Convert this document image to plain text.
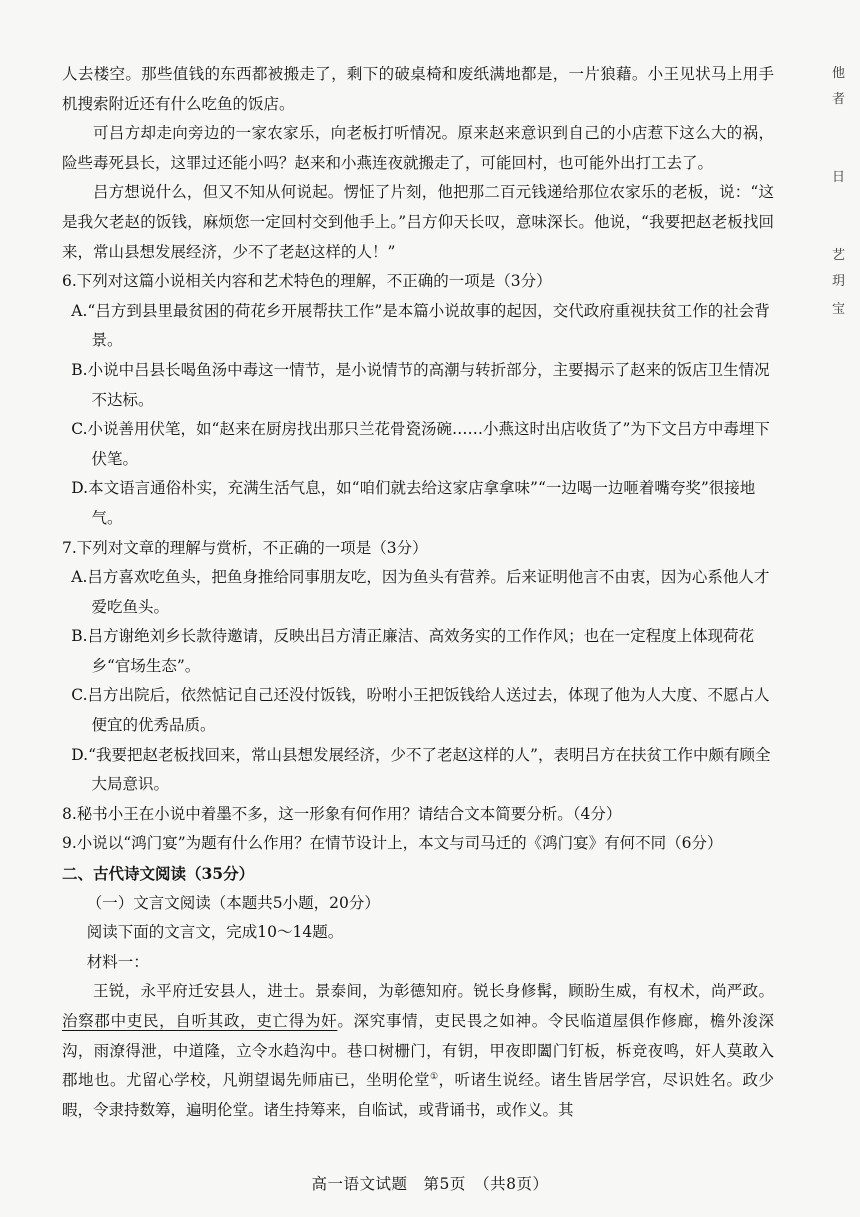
人去楼空。那些值钱的东西都被搬走了，剩下的破桌椅和废纸满地都是，一片狼藉。小王见状马上用手机搜索附近还有什么吃鱼的饭店。

可吕方却走向旁边的一家农家乐，向老板打听情况。原来赵来意识到自己的小店惹下这么大的祸，险些毒死县长，这罪过还能小吗？赵来和小燕连夜就搬走了，可能回村，也可能外出打工去了。

吕方想说什么，但又不知从何说起。愣怔了片刻，他把那二百元钱递给那位农家乐的老板，说：“这是我欠老赵的饭钱，麻烦您一定回村交到他手上。”吕方仰天长叹，意味深长。他说，“我要把赵老板找回来，常山县想发展经济，少不了老赵这样的人！”

6.下列对这篇小说相关内容和艺术特色的理解，不正确的一项是（3分）

A.“吕方到县里最贫困的荷花乡开展帮扶工作”是本篇小说故事的起因，交代政府重视扶贫工作的社会背景。

B.小说中吕县长喝鱼汤中毒这一情节，是小说情节的高潮与转折部分，主要揭示了赵来的饭店卫生情况不达标。

C.小说善用伏笔，如“赵来在厨房找出那只兰花骨瓷汤碗……小燕这时出店收货了”为下文吕方中毒埋下伏笔。

D.本文语言通俗朴实，充满生活气息，如“咱们就去给这家店拿拿味”“一边喝一边咂着嘴夸奖”很接地气。

7.下列对文章的理解与赏析，不正确的一项是（3分）

A.吕方喜欢吃鱼头，把鱼身推给同事朋友吃，因为鱼头有营养。后来证明他言不由衷，因为心系他人才爱吃鱼头。

B.吕方谢绝刘乡长款待邀请，反映出吕方清正廉洁、高效务实的工作作风；也在一定程度上体现荷花乡“官场生态”。

C.吕方出院后，依然惦记自己还没付饭钱，吩咐小王把饭钱给人送过去，体现了他为人大度、不愿占人便宜的优秀品质。

D.“我要把赵老板找回来，常山县想发展经济，少不了老赵这样的人”，表明吕方在扶贫工作中颇有顾全大局意识。

8.秘书小王在小说中着墨不多，这一形象有何作用？请结合文本简要分析。（4分）

9.小说以“鸿门宴”为题有什么作用？在情节设计上，本文与司马迁的《鸿门宴》有何不同（6分）

二、古代诗文阅读（35分）

（一）文言文阅读（本题共5小题，20分）

阅读下面的文言文，完成10～14题。

材料一：

王锐，永平府迁安县人，进士。景泰间，为彰德知府。锐长身修髯，顾盼生威，有权术，尚严政。治察郡中吏民，自听其政，吏亡得为奸。深究事情，吏民畏之如神。令民临道屋俱作修廊，檐外浚深沟，雨潦得泄，中道隆，立令水趋沟中。巷口树栅门，有钥，甲夜即闔门钉板，柝竞夜鸣，奸人莫敢入郡地也。尤留心学校，凡朔望谒先师庙已，坐明伦堂①，听诸生说经。诸生皆居学宫，尽识姓名。政少暇，令隶持数筹，遍明伦堂。诸生持筹来，自临试，或背诵书，或作义。其

他
者
日
艺
玥
宝
高一语文试题　第5页　（共8页）
